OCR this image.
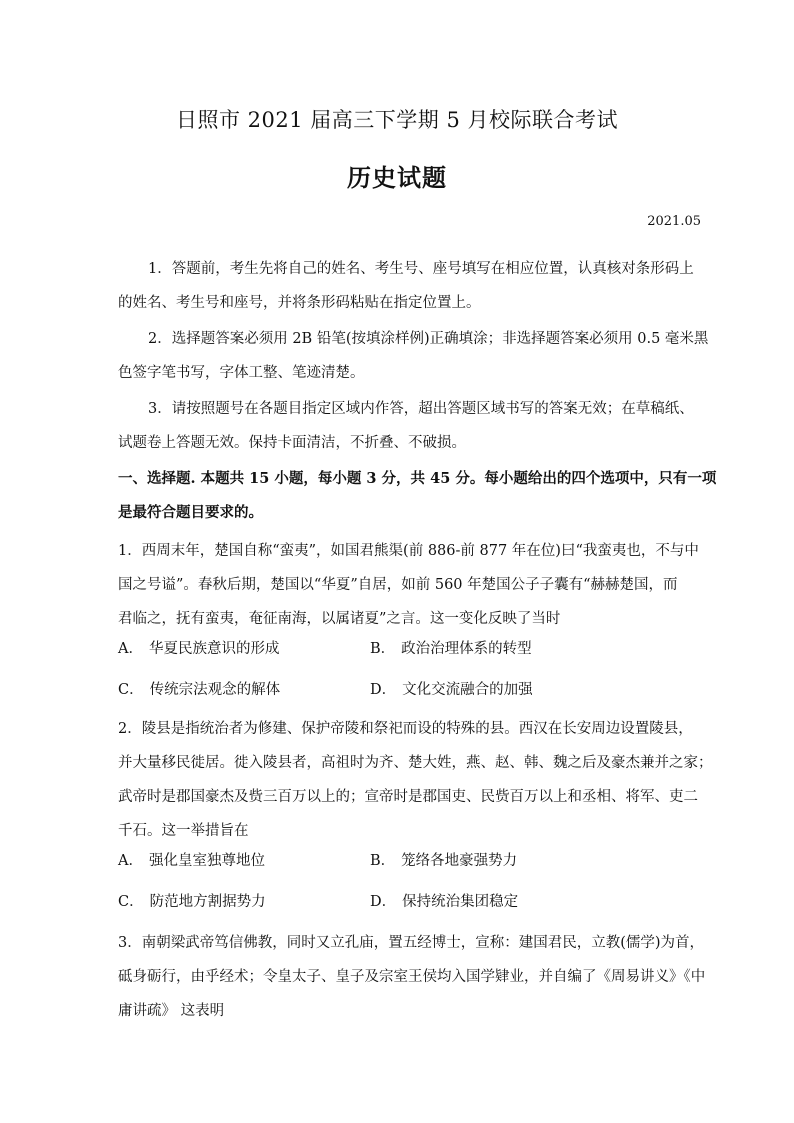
日照市 2021 届高三下学期 5 月校际联合考试
历史试题
2021.05
1．答题前，考生先将自己的姓名、考生号、座号填写在相应位置，认真核对条形码上
的姓名、考生号和座号，并将条形码粘贴在指定位置上。
2．选择题答案必须用 2B 铅笔(按填涂样例)正确填涂；非选择题答案必须用 0.5 毫米黑
色签字笔书写，字体工整、笔迹清楚。
3．请按照题号在各题目指定区域内作答，超出答题区域书写的答案无效；在草稿纸、
试题卷上答题无效。保持卡面清洁，不折叠、不破损。
一、选择题. 本题共 15 小题，每小题 3 分，共 45 分。每小题给出的四个选项中，只有一项
是最符合题目要求的。
1．西周末年，楚国自称“蛮夷”，如国君熊渠(前 886-前 877 年在位)曰“我蛮夷也，不与中
国之号谥”。春秋后期，楚国以“华夏”自居，如前 560 年楚国公子子囊有“赫赫楚国，而
君临之，抚有蛮夷，奄征南海，以属诸夏”之言。这一变化反映了当时
A． 华夏民族意识的形成	B． 政治治理体系的转型
C． 传统宗法观念的解体	D． 文化交流融合的加强
2．陵县是指统治者为修建、保护帝陵和祭祀而设的特殊的县。西汉在长安周边设置陵县，
并大量移民徙居。徙入陵县者，高祖时为齐、楚大姓，燕、赵、韩、魏之后及豪杰兼并之家；
武帝时是郡国豪杰及赀三百万以上的；宣帝时是郡国吏、民赀百万以上和丞相、将军、吏二
千石。这一举措旨在
A． 强化皇室独尊地位	B． 笼络各地豪强势力
C． 防范地方割据势力	D． 保持统治集团稳定
3．南朝梁武帝笃信佛教，同时又立孔庙，置五经博士，宣称：建国君民，立教(儒学)为首，
砥身砺行，由乎经术；令皇太子、皇子及宗室王侯均入国学肄业，并自编了《周易讲义》《中
庸讲疏》 这表明
